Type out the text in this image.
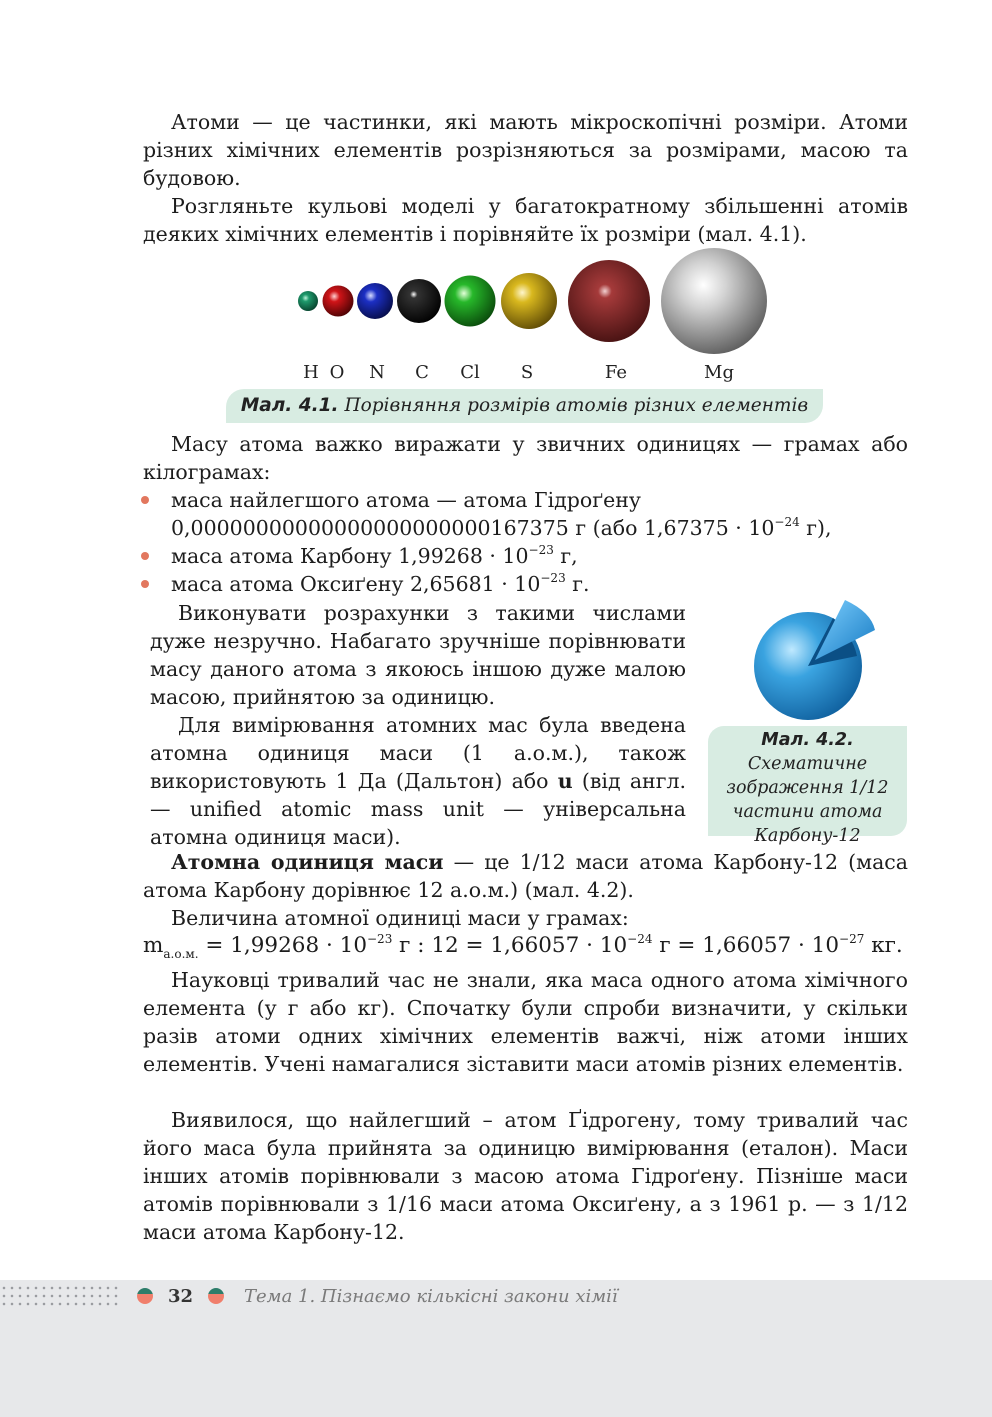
Атоми — це частинки, які мають мікроскопічні розміри. Атоми різних хімічних елементів розрізняються за розмірами, масою та будовою.

Розгляньте кульові моделі у багатократному збільшенні атомів деяких хімічних елементів і порівняйте їх розміри (мал. 4.1).

H O N C Cl S	Fe	Mg
Мал. 4.1. Порівняння розмірів атомів різних елементів

Масу атома важко виражати у звичних одиницях — грамах або кілограмах:

маса найлегшого атома — атома Гідроґену
0,00000000000000000000000167375 г (або $1,67375 \cdot 10^{-24}$ г),
маса атома Карбону $1,99268 \cdot 10^{-23}$ г,
маса атома Оксиґену $2,65681 \cdot 10^{-23}$ г.

Виконувати розрахунки з такими числами дуже незручно. Набагато зручніше порівнювати масу даного атома з якоюсь іншою дуже малою масою, прийнятою за одиницю.

Для вимірювання атомних мас була введена атомна одиниця маси (1 а.о.м.), також використовують 1 Да (Дальтон) або u (від англ. — unified atomic mass unit — універсальна атомна одиниця маси).

Мал. 4.2. Схематичне зображення 1/12 частини атома Карбону-12

Атомна одиниця маси — це 1/12 маси атома Карбону-12 (маса атома Карбону дорівнює 12 а.о.м.) (мал. 4.2).

Величина атомної одиниці маси у грамах:

$m_{а.о.м.} = 1,99268 \cdot 10^{-23}$ г : $12 = 1,66057 \cdot 10^{-24}$ $г = 1,66057 \cdot 10^{-27}$ кг.

Науковці тривалий час не знали, яка маса одного атома хімічного елемента (у г або кг). Спочатку були спроби визначити, у скільки разів атоми одних хімічних елементів важчі, ніж атоми інших елементів. Учені намагалися зіставити маси атомів різних елементів.

Виявилося, що найлегший – атом Ґідрогену, тому тривалий час його маса була прийнята за одиницю вимірювання (еталон). Маси інших атомів порівнювали з масою атома Гідроґену. Пізніше маси атомів порівнювали з 1/16 маси атома Оксиґену, а з 1961 р. — з 1/12 маси атома Карбону-12.

32	Тема 1. Пізнаємо кількісні закони хімії
